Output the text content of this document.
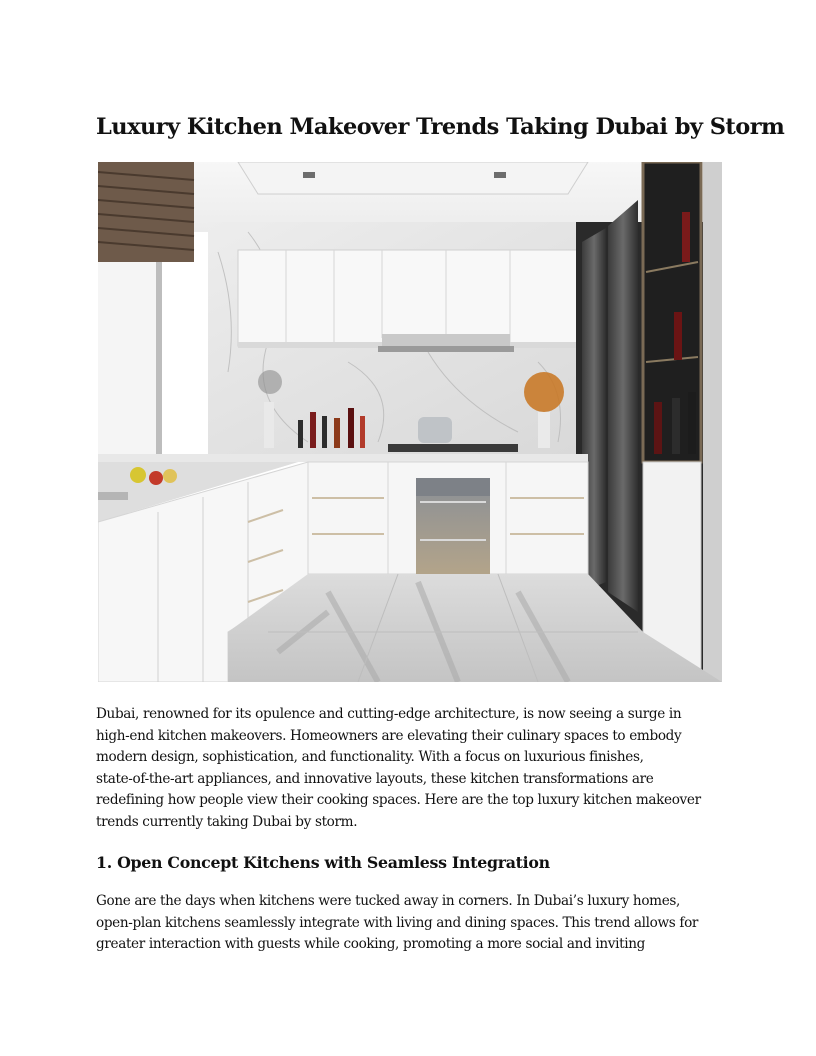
Luxury Kitchen Makeover Trends Taking Dubai by Storm

Dubai, renowned for its opulence and cutting-edge architecture, is now seeing a surge in
high-end kitchen makeovers. Homeowners are elevating their culinary spaces to embody
modern design, sophistication, and functionality. With a focus on luxurious finishes,
state-of-the-art appliances, and innovative layouts, these kitchen transformations are
redefining how people view their cooking spaces. Here are the top luxury kitchen makeover
trends currently taking Dubai by storm.

1. Open Concept Kitchens with Seamless Integration

Gone are the days when kitchens were tucked away in corners. In Dubai’s luxury homes,
open-plan kitchens seamlessly integrate with living and dining spaces. This trend allows for
greater interaction with guests while cooking, promoting a more social and inviting
